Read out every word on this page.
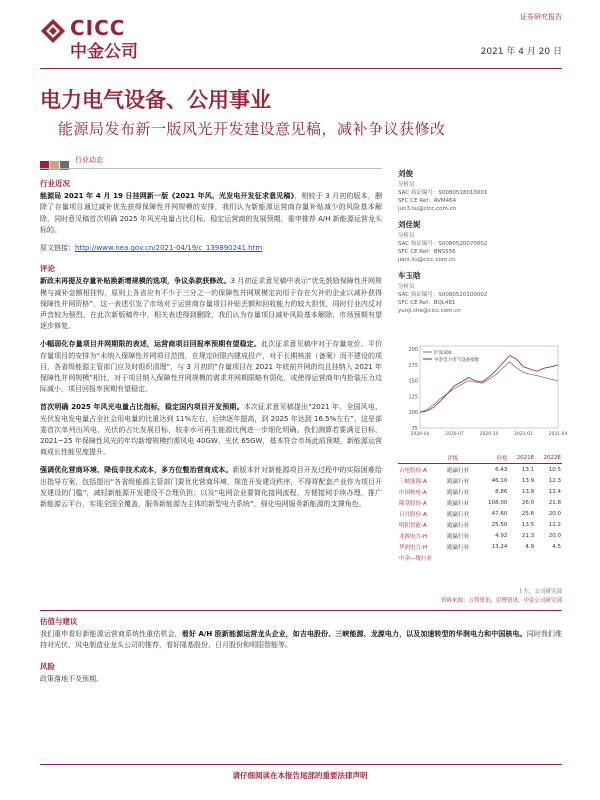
CICC
中金公司
证券研究报告
2021 年 4 月 20 日
电力电气设备、公用事业
能源局发布新一版风光开发建设意见稿，减补争议获修改
行业动态
行业近况

能源局 2021 年 4 月 19 日挂网新一版《2021 年风、光发电开发征求意见稿》，相较于 3 月初的版本，删除了存量项目通过减补优先获得保障性并网规模的安排，我们认为新能源运营商存量补贴减少的风险基本解除，同时意见稿首次明确 2025 年风光电量占比目标，稳定运营商的发展预期，重申推荐 A/H 新能源运营龙头标的。

原文链接：http://www.nea.gov.cn/2021-04/19/c_139890241.htm

评论

新政未再提及存量补贴换新增规模的选项，争议条款获修改。3 月初征求意见稿中表示“优先鼓励保障性并网规模与减补金额相挂钩，原则上各省应有不少于三分之一的保障性并网规模定向用于存在欠补的企业以减补获得保障性并网资格”，这一表述引发了市场对于运营商存量项目补贴丢额和回收能力的较大担忧，同时行业内反对声音较为强烈。在此次新版稿件中，相关表述得到删除，我们认为存量项目减补风险基本解除、市场预期有望逐步修复。

小幅弱化存量项目并网期限的表述，运营商项目回报率预期有望稳定。此次征求意见稿中对于存量竞价、平价存量项目的安排为“未纳入保障性并网项目范围，在规定时限内建成投产，对于长期核准（备案）而不建设的项目，各省级能源主管部门应及时组织清理”，与 3 月初的“存量项目在 2021 年底前并网的均且挂纳入 2021 年保障性并网规模”相比，对于项目纳入保障性并网规模的需求并网期限略有弱化，或使得运营商年内抢装压力边际减小，项目回报率预期有望稳定。

首次明确 2025 年风光电量占比指标，稳定国内项目开发预期。本次征求意见稿提出“2021 年，全国风电、光伏发电发电量占全社会用电量的比重达到 11%左右，后续逐年提高，到 2025 年达到 16.5%左右”，这是部委首次单列出风电、光伏的占比发展目标，较非水可再生能源比例进一步细化明确。我们测算若要满足目标，2021~25 年保障性风光的年均新增规模约需风电 40GW、光伏 65GW，基本符合市场此前预期，新能源运营商成长性能见度提升。

强调优化营商环境、降低非技术成本，多方位整治营商成本。新版本针对新能源项目开发过程中的实际困难给出指导方案，包括提出“各省级能源主管部门要优化营商环境，规范开发建设秩序，不得将配套产业作为项目开发建设的门槛”，减轻新能源开发建设不合理负担；以及“电网企业要简化接网流程、方便接网手续办理，推广新能源云平台，实现全国全覆盖，服务新能源为主体的新型电力系统”，强化电网服务新能源的支撑角色。

估值与建议

我们重申看好新能源运营商系统性重估机会，看好 A/H 股新能源运营龙头企业，如吉电股份、三峡能源、龙源电力，以及加速转型的华润电力和中国核电。同时我们维持对光伏、风电制造业龙头公司的推荐，看好隆基股份、日月股份和明阳智能等。

风险

政策落地不及预期。

刘俊
分析员
SAC 执证编号：S0080518010001
SFC CE Ref：AVM464
jun3.liu@cicc.com.cn
刘佳妮
分析员
SAC 执证编号：S0080520070002
SFC CE Ref：BNS556
jiani.liu@cicc.com.cn
车玉晗
分析员
SAC 执证编号：S0080520100002
SFC CE Ref：BQL481
yunji.che@cicc.com.cn
75
100
125
150
175
200
2020-04	2020-07	2020-10	2021-01	2021-04
沪深300
中金电力电气设备指数
	评级	价格	2021E	2022E
吉电股份-A	跑赢行业	6.43	13.1	10.5
三峡能源-A	跑赢行业	46.10	13.9	12.3
中国核电-A	跑赢行业	8.86	13.9	12.4
隆基股份-A	跑赢行业	108.00	26.0	21.8
日月股份-A	跑赢行业	47.60	25.6	20.0
明阳智能-A	跑赢行业	25.50	13.5	12.2
龙源电力-H	跑赢行业	4.92	21.3	20.0
华润电力-H	跑赢行业	13.24	4.9	4.5
中金—级行业				
上左，公司研究部
资料来源：万得资讯，彭博资讯，中金公司研究部
请仔细阅读在本报告尾部的重要法律声明
